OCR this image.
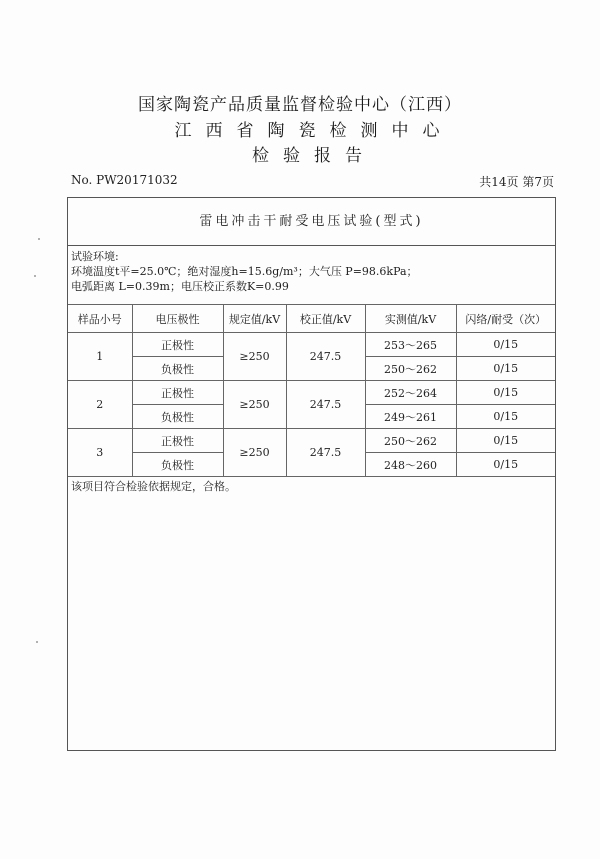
国家陶瓷产品质量监督检验中心（江西）
江西省陶瓷检测中心
检验报告
No. PW20171032	共14页 第7页
雷电冲击干耐受电压试验(型式)
试验环境:
环境温度t平=25.0℃；绝对湿度h=15.6g/m³；大气压 P=98.6kPa；
电弧距离 L=0.39m；电压校正系数K=0.99
样品小号	电压极性	规定值/kV	校正值/kV	实测值/kV	闪络/耐受（次）
1	正极性	≥250	247.5	253～265	0/15
	负极性			250～262	0/15
2	正极性	≥250	247.5	252～264	0/15
	负极性			249～261	0/15
3	正极性	≥250	247.5	250～262	0/15
	负极性			248～260	0/15
该项目符合检验依据规定，合格。
